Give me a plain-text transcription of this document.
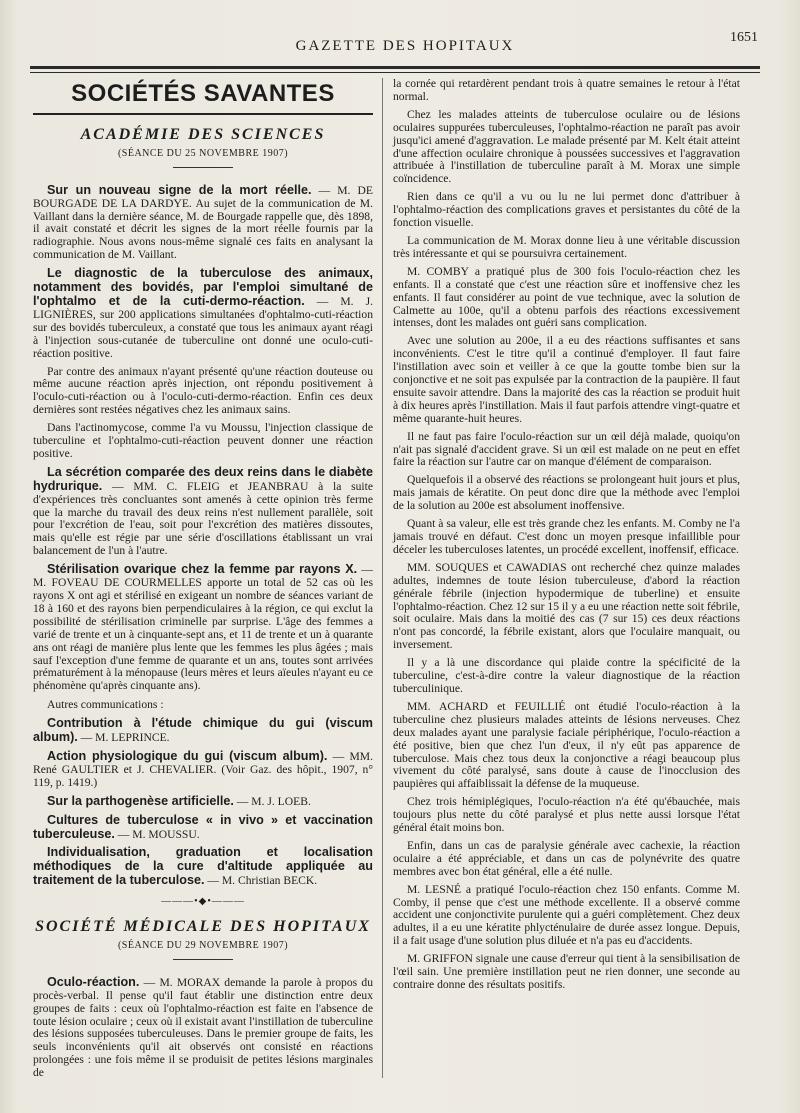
GAZETTE DES HOPITAUX
1651
SOCIÉTÉS SAVANTES
ACADÉMIE DES SCIENCES
(SÉANCE DU 25 NOVEMBRE 1907)

Sur un nouveau signe de la mort réelle. — M. DE BOURGADE DE LA DARDYE. Au sujet de la communication de M. Vaillant dans la dernière séance, M. de Bourgade rappelle que, dès 1898, il avait constaté et décrit les signes de la mort réelle fournis par la radiographie. Nous avons nous-même signalé ces faits en analysant la communication de M. Vaillant.

Le diagnostic de la tuberculose des animaux, notamment des bovidés, par l'emploi simultané de l'ophtalmo et de la cuti-dermo-réaction. — M. J. LIGNIÈRES, sur 200 applications simultanées d'ophtalmo-cuti-réaction sur des bovidés tuberculeux, a constaté que tous les animaux ayant réagi à l'injection sous-cutanée de tuberculine ont donné une oculo-cuti-réaction positive.

Par contre des animaux n'ayant présenté qu'une réaction douteuse ou même aucune réaction après injection, ont répondu positivement à l'oculo-cuti-réaction ou à l'oculo-cuti-dermo-réaction. Enfin ces deux dernières sont restées négatives chez les animaux sains.

Dans l'actinomycose, comme l'a vu Moussu, l'injection classique de tuberculine et l'ophtalmo-cuti-réaction peuvent donner une réaction positive.

La sécrétion comparée des deux reins dans le diabète hydrurique. — MM. C. FLEIG et JEANBRAU à la suite d'expériences très concluantes sont amenés à cette opinion très ferme que la marche du travail des deux reins n'est nullement parallèle, soit pour l'excrétion de l'eau, soit pour l'excrétion des matières dissoutes, mais qu'elle est régie par une série d'oscillations établissant un vrai balancement de l'un à l'autre.

Stérilisation ovarique chez la femme par rayons X. — M. FOVEAU DE COURMELLES apporte un total de 52 cas où les rayons X ont agi et stérilisé en exigeant un nombre de séances variant de 18 à 160 et des rayons bien perpendiculaires à la région, ce qui exclut la possibilité de stérilisation criminelle par surprise. L'âge des femmes a varié de trente et un à cinquante-sept ans, et 11 de trente et un à quarante ans ont réagi de manière plus lente que les femmes les plus âgées ; mais sauf l'exception d'une femme de quarante et un ans, toutes sont arrivées prématurément à la ménopause (leurs mères et leurs aïeules n'ayant eu ce phénomène qu'après cinquante ans).

Autres communications :

Contribution à l'étude chimique du gui (viscum album). — M. LEPRINCE.

Action physiologique du gui (viscum album). — MM. René GAULTIER et J. CHEVALIER. (Voir Gaz. des hôpit., 1907, n° 119, p. 1419.)

Sur la parthogenèse artificielle. — M. J. LOEB.

Cultures de tuberculose « in vivo » et vaccination tuberculeuse. — M. MOUSSU.

Individualisation, graduation et localisation méthodiques de la cure d'altitude appliquée au traitement de la tuberculose. — M. Christian BECK.

———•◆•———
SOCIÉTÉ MÉDICALE DES HOPITAUX
(SÉANCE DU 29 NOVEMBRE 1907)

Oculo-réaction. — M. MORAX demande la parole à propos du procès-verbal. Il pense qu'il faut établir une distinction entre deux groupes de faits : ceux où l'ophtalmo-réaction est faite en l'absence de toute lésion oculaire ; ceux où il existait avant l'instillation de tuberculine des lésions supposées tuberculeuses. Dans le premier groupe de faits, les seuls inconvénients qu'il ait observés ont consisté en réactions prolongées : une fois même il se produisit de petites lésions marginales de

la cornée qui retardèrent pendant trois à quatre semaines le retour à l'état normal.

Chez les malades atteints de tuberculose oculaire ou de lésions oculaires suppurées tuberculeuses, l'ophtalmo-réaction ne paraît pas avoir jusqu'ici amené d'aggravation. Le malade présenté par M. Kelt était atteint d'une affection oculaire chronique à poussées successives et l'aggravation attribuée à l'instillation de tuberculine paraît à M. Morax une simple coïncidence.

Rien dans ce qu'il a vu ou lu ne lui permet donc d'attribuer à l'ophtalmo-réaction des complications graves et persistantes du côté de la fonction visuelle.

La communication de M. Morax donne lieu à une véritable discussion très intéressante et qui se poursuivra certainement.

M. COMBY a pratiqué plus de 300 fois l'oculo-réaction chez les enfants. Il a constaté que c'est une réaction sûre et inoffensive chez les enfants. Il faut considérer au point de vue technique, avec la solution de Calmette au 100e, qu'il a obtenu parfois des réactions excessivement intenses, dont les malades ont guéri sans complication.

Avec une solution au 200e, il a eu des réactions suffisantes et sans inconvénients. C'est le titre qu'il a continué d'employer. Il faut faire l'instillation avec soin et veiller à ce que la goutte tombe bien sur la conjonctive et ne soit pas expulsée par la contraction de la paupière. Il faut ensuite savoir attendre. Dans la majorité des cas la réaction se produit huit à dix heures après l'instillation. Mais il faut parfois attendre vingt-quatre et même quarante-huit heures.

Il ne faut pas faire l'oculo-réaction sur un œil déjà malade, quoiqu'on n'ait pas signalé d'accident grave. Si un œil est malade on ne peut en effet faire la réaction sur l'autre car on manque d'élément de comparaison.

Quelquefois il a observé des réactions se prolongeant huit jours et plus, mais jamais de kératite. On peut donc dire que la méthode avec l'emploi de la solution au 200e est absolument inoffensive.

Quant à sa valeur, elle est très grande chez les enfants. M. Comby ne l'a jamais trouvé en défaut. C'est donc un moyen presque infaillible pour déceler les tuberculoses latentes, un procédé excellent, inoffensif, efficace.

MM. SOUQUES et CAWADIAS ont recherché chez quinze malades adultes, indemnes de toute lésion tuberculeuse, d'abord la réaction générale fébrile (injection hypodermique de tuberline) et ensuite l'ophtalmo-réaction. Chez 12 sur 15 il y a eu une réaction nette soit fébrile, soit oculaire. Mais dans la moitié des cas (7 sur 15) ces deux réactions n'ont pas concordé, la fébrile existant, alors que l'oculaire manquait, ou inversement.

Il y a là une discordance qui plaide contre la spécificité de la tuberculine, c'est-à-dire contre la valeur diagnostique de la réaction tuberculinique.

MM. ACHARD et FEUILLIÉ ont étudié l'oculo-réaction à la tuberculine chez plusieurs malades atteints de lésions nerveuses. Chez deux malades ayant une paralysie faciale périphérique, l'oculo-réaction a été positive, bien que chez l'un d'eux, il n'y eût pas apparence de tuberculose. Mais chez tous deux la conjonctive a réagi beaucoup plus vivement du côté paralysé, sans doute à cause de l'inocclusion des paupières qui affaiblissait la défense de la muqueuse.

Chez trois hémiplégiques, l'oculo-réaction n'a été qu'ébauchée, mais toujours plus nette du côté paralysé et plus nette aussi lorsque l'état général était moins bon.

Enfin, dans un cas de paralysie générale avec cachexie, la réaction oculaire a été appréciable, et dans un cas de polynévrite des quatre membres avec bon état général, elle a été nulle.

M. LESNÉ a pratiqué l'oculo-réaction chez 150 enfants. Comme M. Comby, il pense que c'est une méthode excellente. Il a observé comme accident une conjonctivite purulente qui a guéri complètement. Chez deux adultes, il a eu une kératite phlycténulaire de durée assez longue. Depuis, il a fait usage d'une solution plus diluée et n'a pas eu d'accidents.

M. GRIFFON signale une cause d'erreur qui tient à la sensibilisation de l'œil sain. Une première instillation peut ne rien donner, une seconde au contraire donne des résultats positifs.
